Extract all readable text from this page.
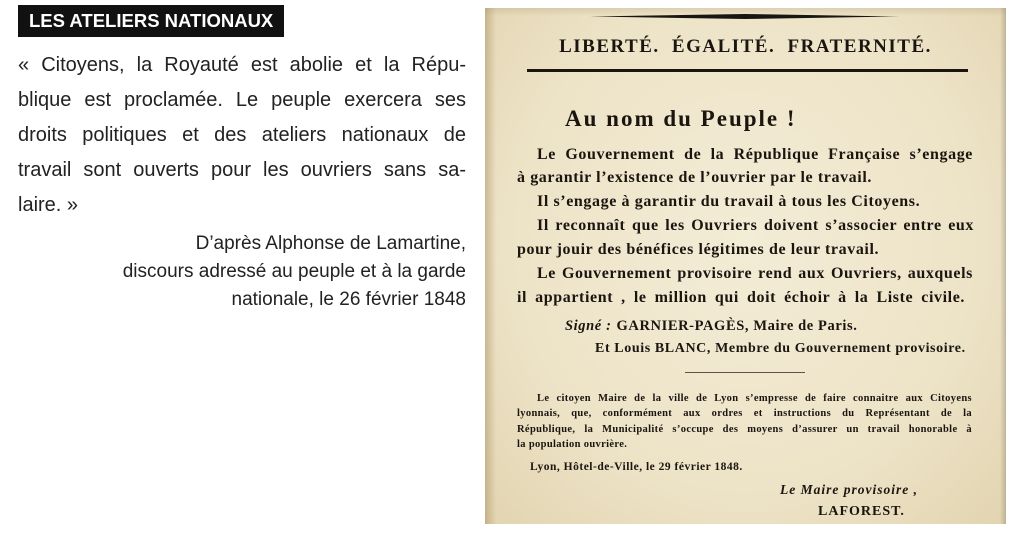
LES ATELIERS NATIONAUX
« Citoyens, la Royauté est abolie et la Répu-
blique est proclamée. Le peuple exercera ses
droits politiques et des ateliers nationaux de
travail sont ouverts pour les ouvriers sans sa-
laire. »
D’après Alphonse de Lamartine,
discours adressé au peuple et à la garde
nationale, le 26 février 1848
LIBERTÉ. ÉGALITÉ. FRATERNITÉ.
Au nom du Peuple !
Le Gouvernement de la République Française s’engage
à garantir l’existence de l’ouvrier par le travail.
Il s’engage à garantir du travail à tous les Citoyens.
Il reconnaît que les Ouvriers doivent s’associer entre eux
pour jouir des bénéfices légitimes de leur travail.
Le Gouvernement provisoire rend aux Ouvriers, auxquels
il appartient , le million qui doit échoir à la Liste civile.
Signé : GARNIER-PAGÈS, Maire de Paris.
Et Louis BLANC, Membre du Gouvernement provisoire.
Le citoyen Maire de la ville de Lyon s’empresse de faire connaitre aux Citoyens
lyonnais, que, conformément aux ordres et instructions du Représentant de la
République, la Municipalité s’occupe des moyens d’assurer un travail honorable à
la population ouvrière.
Lyon, Hôtel-de-Ville, le 29 février 1848.
Le Maire provisoire ,
LAFOREST.
